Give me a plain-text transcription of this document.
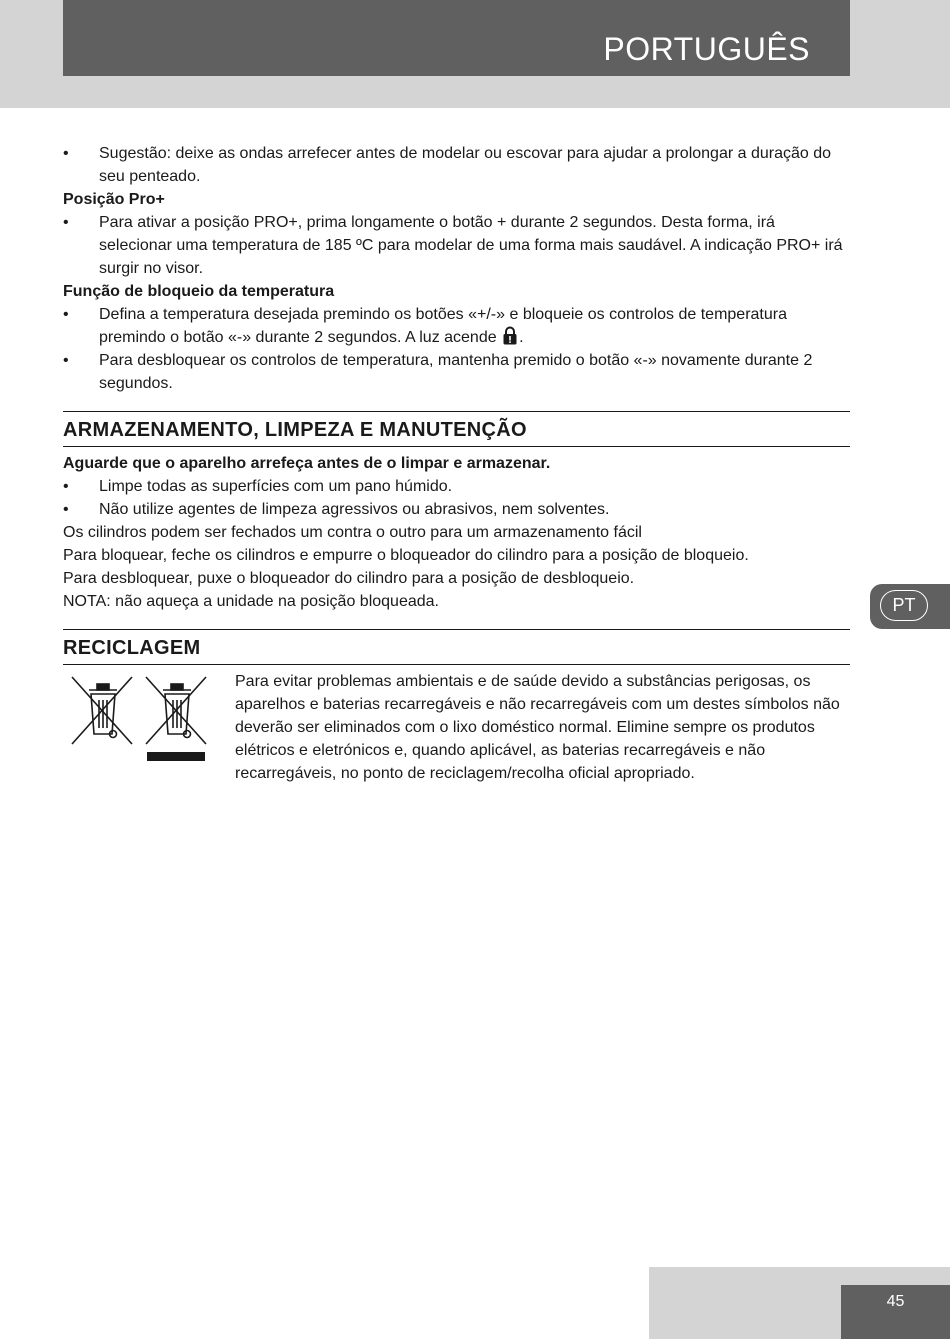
PORTUGUÊS
• Sugestão: deixe as ondas arrefecer antes de modelar ou escovar para ajudar a prolongar a duração do seu penteado.

Posição Pro+

• Para ativar a posição PRO+, prima longamente o botão + durante 2 segundos. Desta forma, irá selecionar uma temperatura de 185 ºC para modelar de uma forma mais saudável. A indicação PRO+ irá surgir no visor.

Função de bloqueio da temperatura

• Defina a temperatura desejada premindo os botões «+/-» e bloqueie os controlos de temperatura premindo o botão «-» durante 2 segundos. A luz acende .
• Para desbloquear os controlos de temperatura, mantenha premido o botão «-» novamente durante 2 segundos.
ARMAZENAMENTO, LIMPEZA E MANUTENÇÃO

Aguarde que o aparelho arrefeça antes de o limpar e armazenar.

• Limpe todas as superfícies com um pano húmido.
• Não utilize agentes de limpeza agressivos ou abrasivos, nem solventes.

Os cilindros podem ser fechados um contra o outro para um armazenamento fácil

Para bloquear, feche os cilindros e empurre o bloqueador do cilindro para a posição de bloqueio.

Para desbloquear, puxe o bloqueador do cilindro para a posição de desbloqueio.

NOTA: não aqueça a unidade na posição bloqueada.

RECICLAGEM

Para evitar problemas ambientais e de saúde devido a substâncias perigosas, os aparelhos e baterias recarregáveis e não recarregáveis com um destes símbolos não deverão ser eliminados com o lixo doméstico normal. Elimine sempre os produtos elétricos e eletrónicos e, quando aplicável, as baterias recarregáveis e não recarregáveis, no ponto de reciclagem/recolha oficial apropriado.

PT
45
